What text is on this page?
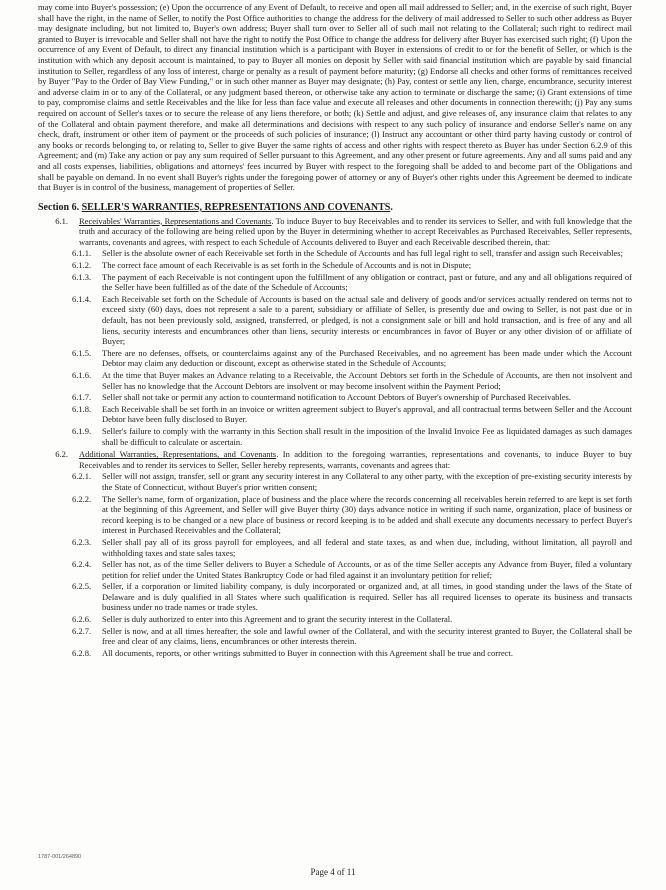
may come into Buyer's possession; (e) Upon the occurrence of any Event of Default, to receive and open all mail addressed to Seller; and, in the exercise of such right, Buyer shall have the right, in the name of Seller, to notify the Post Office authorities to change the address for the delivery of mail addressed to Seller to such other address as Buyer may designate including, but not limited to, Buyer's own address; Buyer shall turn over to Seller all of such mail not relating to the Collateral; such right to redirect mail granted to Buyer is irrevocable and Seller shall not have the right to notify the Post Office to change the address for delivery after Buyer has exercised such right; (f) Upon the occurrence of any Event of Default, to direct any financial institution which is a participant with Buyer in extensions of credit to or for the benefit of Seller, or which is the institution with which any deposit account is maintained, to pay to Buyer all monies on deposit by Seller with said financial institution which are payable by said financial institution to Seller, regardless of any loss of interest, charge or penalty as a result of payment before maturity; (g) Endorse all checks and other forms of remittances received by Buyer "Pay to the Order of Bay View Funding," or in such other manner as Buyer may designate; (h) Pay, contest or settle any lien, charge, encumbrance, security interest and adverse claim in or to any of the Collateral, or any judgment based thereon, or otherwise take any action to terminate or discharge the same; (i) Grant extensions of time to pay, compromise claims and settle Receivables and the like for less than face value and execute all releases and other documents in connection therewith; (j) Pay any sums required on account of Seller's taxes or to secure the release of any liens therefore, or both; (k) Settle and adjust, and give releases of, any insurance claim that relates to any of the Collateral and obtain payment therefore, and make all determinations and decisions with respect to any such policy of insurance and endorse Seller's name on any check, draft, instrument or other item of payment or the proceeds of such policies of insurance; (l) Instruct any accountant or other third party having custody or control of any books or records belonging to, or relating to, Seller to give Buyer the same rights of access and other rights with respect thereto as Buyer has under Section 6.2.9 of this Agreement; and (m) Take any action or pay any sum required of Seller pursuant to this Agreement, and any other present or future agreements. Any and all sums paid and any and all costs expenses, liabilities, obligations and attorneys' fees incurred by Buyer with respect to the foregoing shall be added to and become part of the Obligations and shall be payable on demand. In no event shall Buyer's rights under the foregoing power of attorney or any of Buyer's other rights under this Agreement be deemed to indicate that Buyer is in control of the business, management of properties of Seller.

Section 6. SELLER'S WARRANTIES, REPRESENTATIONS AND COVENANTS.
6.1.	Receivables' Warranties, Representations and Covenants. To induce Buyer to buy Receivables and to render its services to Seller, and with full knowledge that the truth and accuracy of the following are being relied upon by the Buyer in determining whether to accept Receivables as Purchased Receivables, Seller represents, warrants, covenants and agrees, with respect to each Schedule of Accounts delivered to Buyer and each Receivable described therein, that:

6.1.1.	Seller is the absolute owner of each Receivable set forth in the Schedule of Accounts and has full legal right to sell, transfer and assign such Receivables;

6.1.2.	The correct face amount of each Receivable is as set forth in the Schedule of Accounts and is not in Dispute;

6.1.3.	The payment of each Receivable is not contingent upon the fulfillment of any obligation or contract, past or future, and any and all obligations required of the Seller have been fulfilled as of the date of the Schedule of Accounts;

6.1.4.	Each Receivable set forth on the Schedule of Accounts is based on the actual sale and delivery of goods and/or services actually rendered on terms not to exceed sixty (60) days, does not represent a sale to a parent, subsidiary or affiliate of Seller, is presently due and owing to Seller, is not past due or in default, has not been previously sold, assigned, transferred, or pledged, is not a consignment sale or bill and hold transaction, and is free of any and all liens, security interests and encumbrances other than liens, security interests or encumbrances in favor of Buyer or any other division of or affiliate of Buyer;

6.1.5.	There are no defenses, offsets, or counterclaims against any of the Purchased Receivables, and no agreement has been made under which the Account Debtor may claim any deduction or discount, except as otherwise stated in the Schedule of Accounts;

6.1.6.	At the time that Buyer makes an Advance relating to a Receivable, the Account Debtors set forth in the Schedule of Accounts, are then not insolvent and Seller has no knowledge that the Account Debtors are insolvent or may become insolvent within the Payment Period;

6.1.7.	Seller shall not take or permit any action to countermand notification to Account Debtors of Buyer's ownership of Purchased Receivables.

6.1.8.	Each Receivable shall be set forth in an invoice or written agreement subject to Buyer's approval, and all contractual terms between Seller and the Account Debtor have been fully disclosed to Buyer.

6.1.9.	Seller's failure to comply with the warranty in this Section shall result in the imposition of the Invalid Invoice Fee as liquidated damages as such damages shall be difficult to calculate or ascertain.

6.2.	Additional Warranties, Representations, and Covenants. In addition to the foregoing warranties, representations and covenants, to induce Buyer to buy Receivables and to render its services to Seller, Seller hereby represents, warrants, covenants and agrees that:

6.2.1.	Seller will not assign, transfer, sell or grant any security interest in any Collateral to any other party, with the exception of pre-existing security interests by the State of Connecticut, without Buyer's prior written consent;

6.2.2.	The Seller's name, form of organization, place of business and the place where the records concerning all receivables herein referred to are kept is set forth at the beginning of this Agreement, and Seller will give Buyer thirty (30) days advance notice in writing if such name, organization, place of business or record keeping is to be changed or a new place of business or record keeping is to be added and shall execute any documents necessary to perfect Buyer's interest in Purchased Receivables and the Collateral;

6.2.3.	Seller shall pay all of its gross payroll for employees, and all federal and state taxes, as and when due, including, without limitation, all payroll and withholding taxes and state sales taxes;

6.2.4.	Seller has not, as of the time Seller delivers to Buyer a Schedule of Accounts, or as of the time Seller accepts any Advance from Buyer, filed a voluntary petition for relief under the United States Bankruptcy Code or had filed against it an involuntary petition for relief;

6.2.5.	Seller, if a corporation or limited liability company, is duly incorporated or organized and, at all times, in good standing under the laws of the State of Delaware and is duly qualified in all States where such qualification is required. Seller has all required licenses to operate its business and transacts business under no trade names or trade styles.

6.2.6.	Seller is duly authorized to enter into this Agreement and to grant the security interest in the Collateral.

6.2.7.	Seller is now, and at all times hereafter, the sole and lawful owner of the Collateral, and with the security interest granted to Buyer, the Collateral shall be free and clear of any claims, liens, encumbrances or other interests therein.

6.2.8.	All documents, reports, or other writings submitted to Buyer in connection with this Agreement shall be true and correct.

1787-001/264890
Page 4 of 11
